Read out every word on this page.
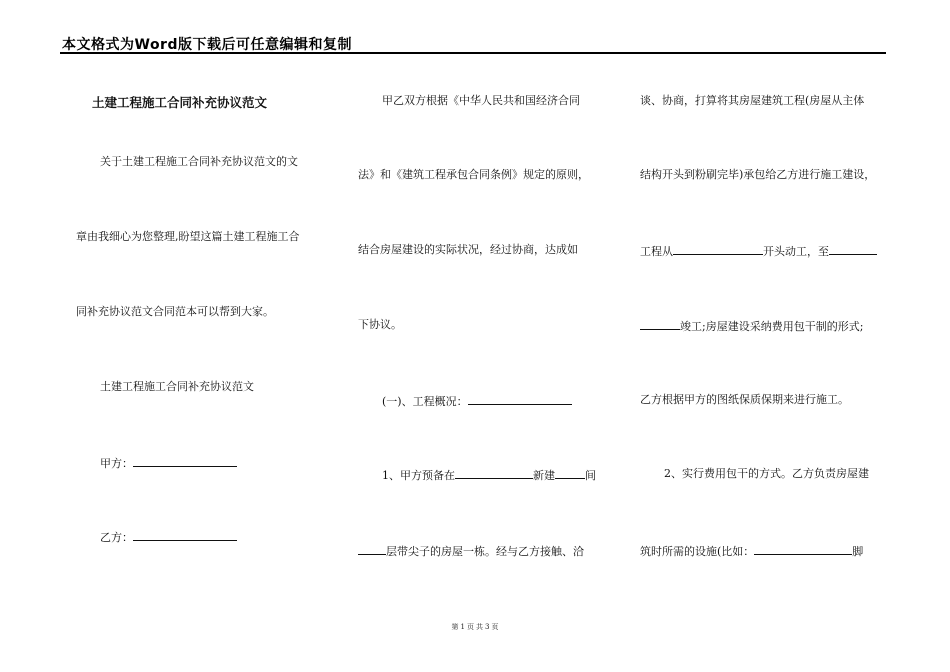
本文格式为Word版下载后可任意编辑和复制
土建工程施工合同补充协议范文
关于土建工程施工合同补充协议范文的文
章由我细心为您整理,盼望这篇土建工程施工合
同补充协议范文合同范本可以帮到大家。
土建工程施工合同补充协议范文
甲方：
乙方：
甲乙双方根据《中华人民共和国经济合同
法》和《建筑工程承包合同条例》规定的原则，
结合房屋建设的实际状况，经过协商，达成如
下协议。
(一)、工程概况：
1、甲方预备在	新建	间
层带尖子的房屋一栋。经与乙方接触、洽
谈、协商，打算将其房屋建筑工程(房屋从主体
结构开头到粉刷完毕)承包给乙方进行施工建设，
工程从	开头动工，至
竣工;房屋建设采纳费用包干制的形式;
乙方根据甲方的图纸保质保期来进行施工。
2、实行费用包干的方式。乙方负责房屋建
筑时所需的设施(比如：	脚
第 1 页 共 3 页
